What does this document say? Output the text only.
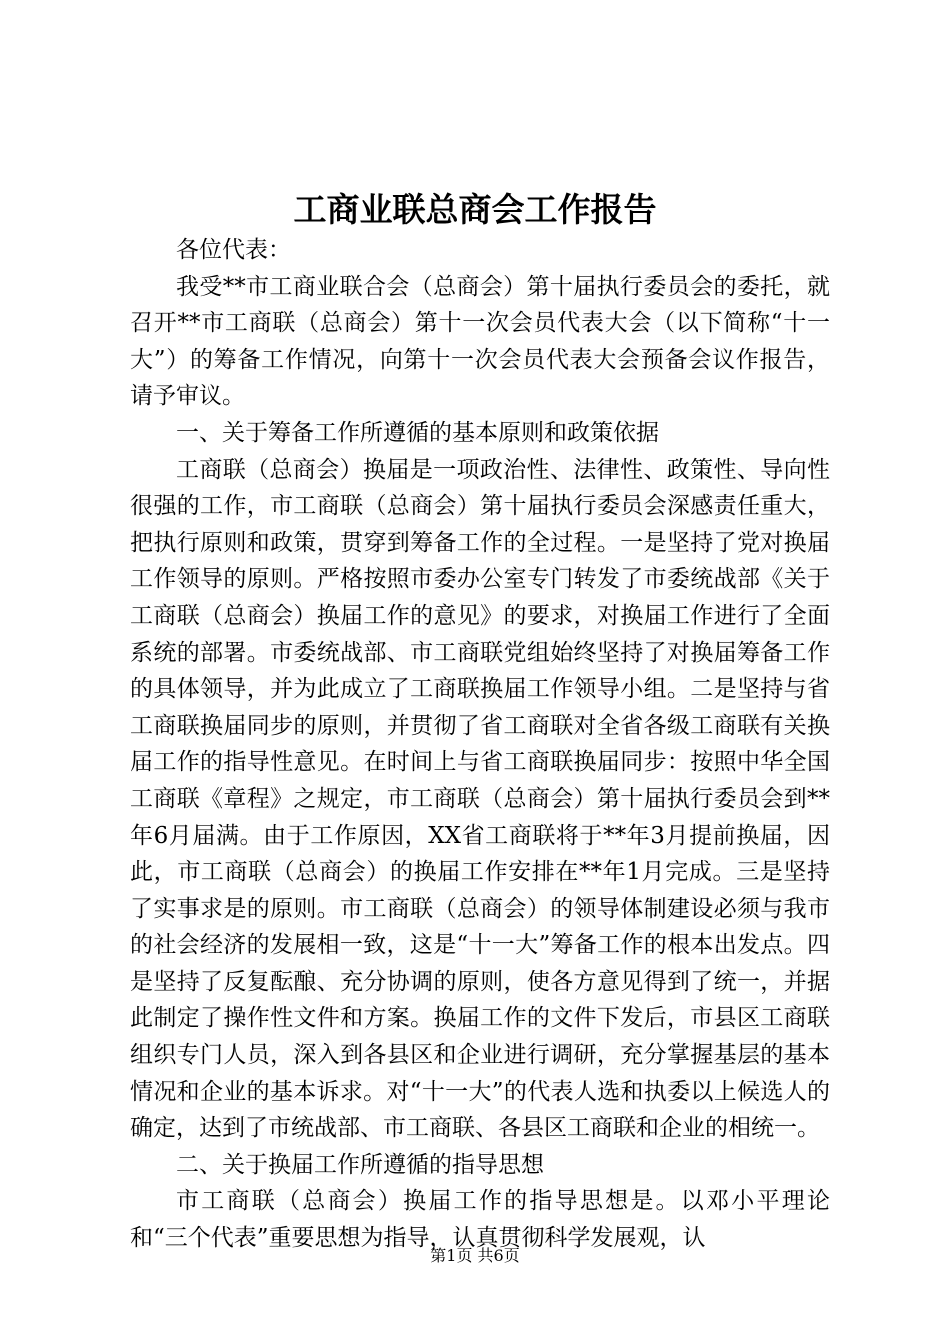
工商业联总商会工作报告

各位代表：

我受**市工商业联合会（总商会）第十届执行委员会的委托，就召开**市工商联（总商会）第十一次会员代表大会（以下简称“十一大”）的筹备工作情况，向第十一次会员代表大会预备会议作报告，请予审议。

一、关于筹备工作所遵循的基本原则和政策依据

工商联（总商会）换届是一项政治性、法律性、政策性、导向性很强的工作，市工商联（总商会）第十届执行委员会深感责任重大，把执行原则和政策，贯穿到筹备工作的全过程。一是坚持了党对换届工作领导的原则。严格按照市委办公室专门转发了市委统战部《关于工商联（总商会）换届工作的意见》的要求，对换届工作进行了全面系统的部署。市委统战部、市工商联党组始终坚持了对换届筹备工作的具体领导，并为此成立了工商联换届工作领导小组。二是坚持与省工商联换届同步的原则，并贯彻了省工商联对全省各级工商联有关换届工作的指导性意见。在时间上与省工商联换届同步：按照中华全国工商联《章程》之规定，市工商联（总商会）第十届执行委员会到**年6月届满。由于工作原因，XX省工商联将于**年3月提前换届，因此，市工商联（总商会）的换届工作安排在**年1月完成。三是坚持了实事求是的原则。市工商联（总商会）的领导体制建设必须与我市的社会经济的发展相一致，这是“十一大”筹备工作的根本出发点。四是坚持了反复酝酿、充分协调的原则，使各方意见得到了统一，并据此制定了操作性文件和方案。换届工作的文件下发后，市县区工商联组织专门人员，深入到各县区和企业进行调研，充分掌握基层的基本情况和企业的基本诉求。对“十一大”的代表人选和执委以上候选人的确定，达到了市统战部、市工商联、各县区工商联和企业的相统一。

二、关于换届工作所遵循的指导思想

市工商联（总商会）换届工作的指导思想是。以邓小平理论和“三个代表”重要思想为指导，认真贯彻科学发展观，认

第1页 共6页
